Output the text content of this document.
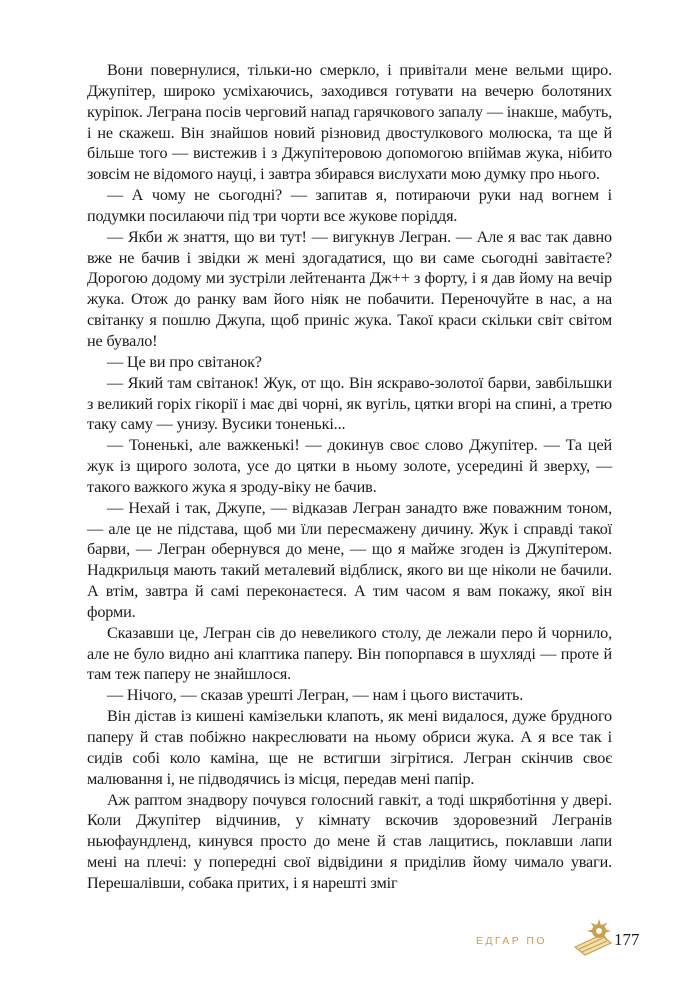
Вони повернулися, тільки-но смеркло, і привітали мене вельми щиро. Джупітер, широко усміхаючись, заходився готувати на вечерю болотяних курiпок. Леграна посів черговий напад гарячкового запалу — інакше, мабуть, і не скажеш. Він знайшов новий різновид двостулкового молюска, та ще й більше того — вистежив і з Джупітеровою допомогою впіймав жука, нібито зовсім не відомого науці, і завтра збирався вислухати мою думку про нього.

— А чому не сьогодні? — запитав я, потираючи руки над вогнем і подумки посилаючи під три чорти все жукове поріддя.

— Якби ж знаття, що ви тут! — вигукнув Легран. — Але я вас так давно вже не бачив і звідки ж мені здогадатися, що ви саме сьогодні завітаєте? Дорогою додому ми зустріли лейтенанта Дж++ з форту, і я дав йому на вечір жука. Отож до ранку вам його ніяк не побачити. Переночуйте в нас, а на світанку я пошлю Джупа, щоб приніс жука. Такої краси скільки світ світом не бувало!

— Це ви про світанок?

— Який там світанок! Жук, от що. Він яскраво-золотої барви, завбільшки з великий горіх гікорії і має дві чорні, як вугіль, цятки вгорі на спині, а третю таку саму — унизу. Вусики тоненькі...

— Тоненькі, але важкенькі! — докинув своє слово Джупітер. — Та цей жук із щирого золота, усе до цятки в ньому золоте, усередині й зверху, — такого важкого жука я зроду-віку не бачив.

— Нехай і так, Джупе, — відказав Легран занадто вже поважним тоном, — але це не підстава, щоб ми їли пересмажену дичину. Жук і справді такої барви, — Легран обернувся до мене, — що я майже згоден із Джупітером. Надкрильця мають такий металевий відблиск, якого ви ще ніколи не бачили. А втім, завтра й самі переконаєтеся. А тим часом я вам покажу, якої він форми.

Сказавши це, Легран сів до невеликого столу, де лежали перо й чорнило, але не було видно ані клаптика паперу. Він попорпався в шухляді — проте й там теж паперу не знайшлося.

— Нічого, — сказав урешті Легран, — нам і цього вистачить.

Він дістав із кишені камізельки клапоть, як мені видалося, дуже брудного паперу й став побіжно накреслювати на ньому обриси жука. А я все так і сидів собі коло каміна, ще не встигши зігрітися. Легран скінчив своє малювання і, не підводячись із місця, передав мені папір.

Аж раптом знадвору почувся голосний гавкіт, а тоді шкряботіння у двері. Коли Джупітер відчинив, у кімнату вскочив здоровезний Легранів ньюфаундленд, кинувся просто до мене й став лащитись, поклавши лапи мені на плечі: у попередні свої відвідини я приділив йому чимало уваги. Перешалівши, собака притих, і я нарешті зміг

ЕДГАР ПО	177
